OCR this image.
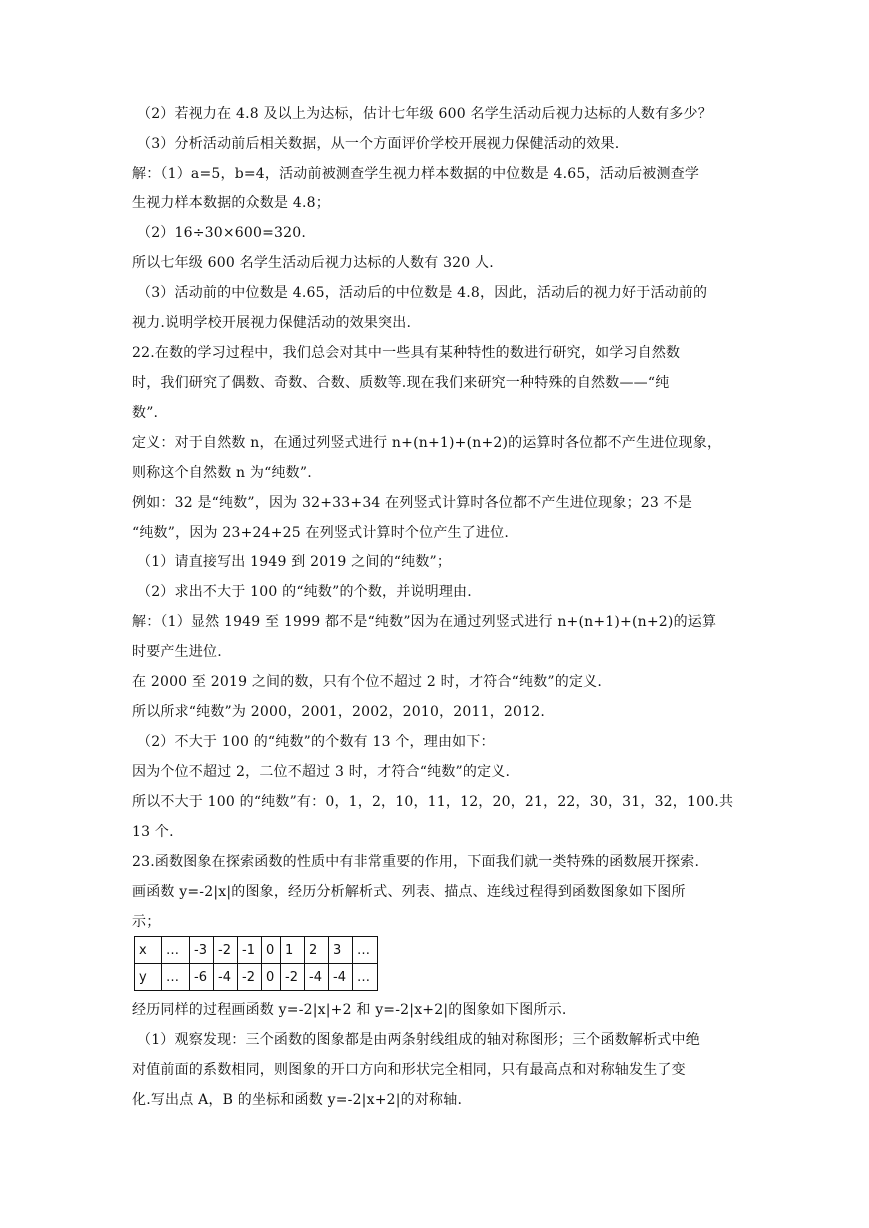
（2）若视力在 4.8 及以上为达标，估计七年级 600 名学生活动后视力达标的人数有多少？
（3）分析活动前后相关数据，从一个方面评价学校开展视力保健活动的效果.
解：（1）a=5，b=4，活动前被测查学生视力样本数据的中位数是 4.65，活动后被测查学
生视力样本数据的众数是 4.8；
（2）16÷30×600=320.
所以七年级 600 名学生活动后视力达标的人数有 320 人.
（3）活动前的中位数是 4.65，活动后的中位数是 4.8，因此，活动后的视力好于活动前的
视力.说明学校开展视力保健活动的效果突出.
22.在数的学习过程中，我们总会对其中一些具有某种特性的数进行研究，如学习自然数
时，我们研究了偶数、奇数、合数、质数等.现在我们来研究一种特殊的自然数——“纯
数”.
定义：对于自然数 n，在通过列竖式进行 n+(n+1)+(n+2)的运算时各位都不产生进位现象，
则称这个自然数 n 为“纯数”.
例如：32 是“纯数”，因为 32+33+34 在列竖式计算时各位都不产生进位现象；23 不是
“纯数”，因为 23+24+25 在列竖式计算时个位产生了进位.
（1）请直接写出 1949 到 2019 之间的“纯数”；
（2）求出不大于 100 的“纯数”的个数，并说明理由.
解：（1）显然 1949 至 1999 都不是“纯数”因为在通过列竖式进行 n+(n+1)+(n+2)的运算
时要产生进位.
在 2000 至 2019 之间的数，只有个位不超过 2 时，才符合“纯数”的定义.
所以所求“纯数”为 2000，2001，2002，2010，2011，2012.
（2）不大于 100 的“纯数”的个数有 13 个，理由如下：
因为个位不超过 2，二位不超过 3 时，才符合“纯数”的定义.
所以不大于 100 的“纯数”有：0，1，2，10，11，12，20，21，22，30，31，32，100.共
13 个.
23.函数图象在探索函数的性质中有非常重要的作用，下面我们就一类特殊的函数展开探索.
画函数 y=-2|x|的图象，经历分析解析式、列表、描点、连线过程得到函数图象如下图所
示；
x	…	-3	-2	-1	0	1	2	3	…
y	…	-6	-4	-2	0	-2	-4	-4	…
经历同样的过程画函数 y=-2|x|+2 和 y=-2|x+2|的图象如下图所示.
（1）观察发现：三个函数的图象都是由两条射线组成的轴对称图形；三个函数解析式中绝
对值前面的系数相同，则图象的开口方向和形状完全相同，只有最高点和对称轴发生了变
化.写出点 A，B 的坐标和函数 y=-2|x+2|的对称轴.
